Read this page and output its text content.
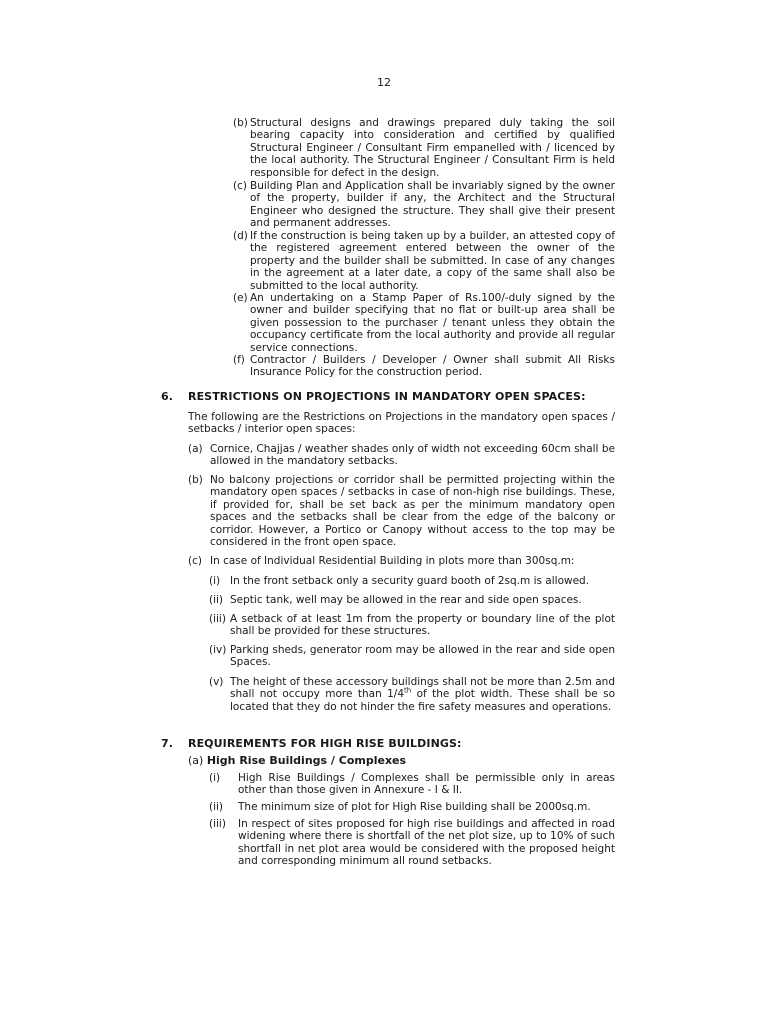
12
(b) Structural designs and drawings prepared duly taking the soil bearing capacity into consideration and certified by qualified Structural Engineer / Consultant Firm empanelled with / licenced by the local authority. The Structural Engineer / Consultant Firm is held responsible for defect in the design.
(c) Building Plan and Application shall be invariably signed by the owner of the property, builder if any, the Architect and the Structural Engineer who designed the structure. They shall give their present and permanent addresses.
(d) If the construction is being taken up by a builder, an attested copy of the registered agreement entered between the owner of the property and the builder shall be submitted. In case of any changes in the agreement at a later date, a copy of the same shall also be submitted to the local authority.
(e) An undertaking on a Stamp Paper of Rs.100/-duly signed by the owner and builder specifying that no flat or built-up area shall be given possession to the purchaser / tenant unless they obtain the occupancy certificate from the local authority and provide all regular service connections.
(f) Contractor / Builders / Developer / Owner shall submit All Risks Insurance Policy for the construction period.
6. RESTRICTIONS ON PROJECTIONS IN MANDATORY OPEN SPACES:
The following are the Restrictions on Projections in the mandatory open spaces / setbacks / interior open spaces:
(a) Cornice, Chajjas / weather shades only of width not exceeding 60cm shall be allowed in the mandatory setbacks.
(b) No balcony projections or corridor shall be permitted projecting within the mandatory open spaces / setbacks in case of non-high rise buildings. These, if provided for, shall be set back as per the minimum mandatory open spaces and the setbacks shall be clear from the edge of the balcony or corridor. However, a Portico or Canopy without access to the top may be considered in the front open space.
(c) In case of Individual Residential Building in plots more than 300sq.m:
(i) In the front setback only a security guard booth of 2sq.m is allowed.
(ii) Septic tank, well may be allowed in the rear and side open spaces.
(iii) A setback of at least 1m from the property or boundary line of the plot shall be provided for these structures.
(iv) Parking sheds, generator room may be allowed in the rear and side open Spaces.
(v) The height of these accessory buildings shall not be more than 2.5m and shall not occupy more than 1/4th of the plot width. These shall be so located that they do not hinder the fire safety measures and operations.
7. REQUIREMENTS FOR HIGH RISE BUILDINGS:
(a) High Rise Buildings / Complexes
(i) High Rise Buildings / Complexes shall be permissible only in areas other than those given in Annexure - I & II.
(ii) The minimum size of plot for High Rise building shall be 2000sq.m.
(iii) In respect of sites proposed for high rise buildings and affected in road widening where there is shortfall of the net plot size, up to 10% of such shortfall in net plot area would be considered with the proposed height and corresponding minimum all round setbacks.
